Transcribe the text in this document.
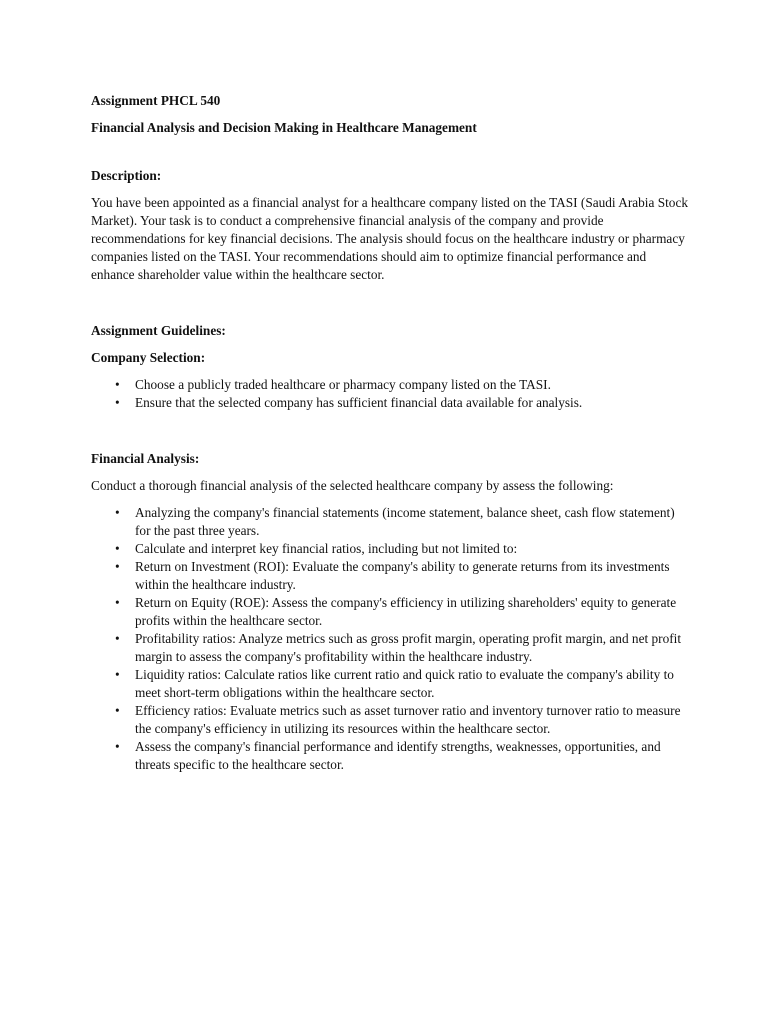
Assignment PHCL 540

Financial Analysis and Decision Making in Healthcare Management

Description:

You have been appointed as a financial analyst for a healthcare company listed on the TASI (Saudi Arabia Stock Market). Your task is to conduct a comprehensive financial analysis of the company and provide recommendations for key financial decisions. The analysis should focus on the healthcare industry or pharmacy companies listed on the TASI. Your recommendations should aim to optimize financial performance and enhance shareholder value within the healthcare sector.

Assignment Guidelines:

Company Selection:

• Choose a publicly traded healthcare or pharmacy company listed on the TASI.
• Ensure that the selected company has sufficient financial data available for analysis.

Financial Analysis:

Conduct a thorough financial analysis of the selected healthcare company by assess the following:

• Analyzing the company's financial statements (income statement, balance sheet, cash flow statement) for the past three years.
• Calculate and interpret key financial ratios, including but not limited to:
• Return on Investment (ROI): Evaluate the company's ability to generate returns from its investments within the healthcare industry.
• Return on Equity (ROE): Assess the company's efficiency in utilizing shareholders' equity to generate profits within the healthcare sector.
• Profitability ratios: Analyze metrics such as gross profit margin, operating profit margin, and net profit margin to assess the company's profitability within the healthcare industry.
• Liquidity ratios: Calculate ratios like current ratio and quick ratio to evaluate the company's ability to meet short-term obligations within the healthcare sector.
• Efficiency ratios: Evaluate metrics such as asset turnover ratio and inventory turnover ratio to measure the company's efficiency in utilizing its resources within the healthcare sector.
• Assess the company's financial performance and identify strengths, weaknesses, opportunities, and threats specific to the healthcare sector.
